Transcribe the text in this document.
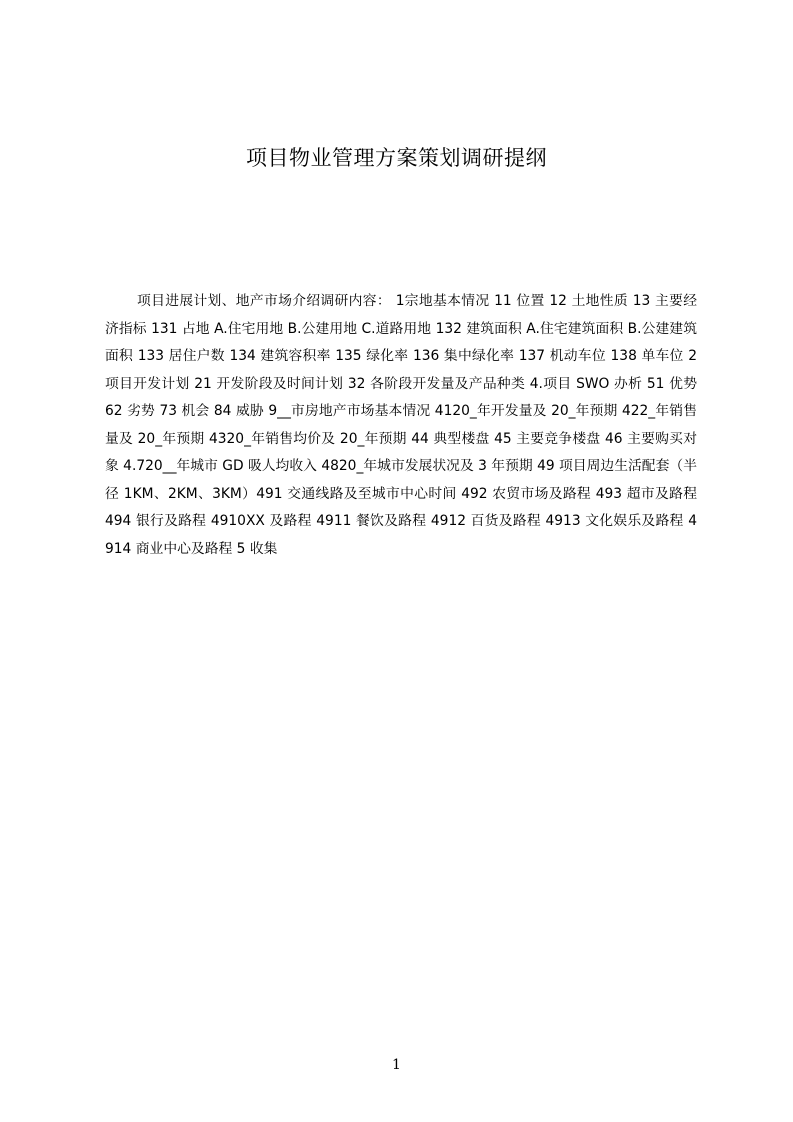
项目物业管理方案策划调研提纲

项目进展计划、地产市场介绍调研内容： 1宗地基本情况 11 位置 12 土地性质 13 主要经济指标 131 占地 A.住宅用地 B.公建用地 C.道路用地 132 建筑面积 A.住宅建筑面积 B.公建建筑面积 133 居住户数 134 建筑容积率 135 绿化率 136 集中绿化率 137 机动车位 138 单车位 2 项目开发计划 21 开发阶段及时间计划 32 各阶段开发量及产品种类 4.项目 SWO 办析 51 优势 62 劣势 73 机会 84 威胁 9__市房地产市场基本情况 4120_年开发量及 20_年预期 422_年销售量及 20_年预期 4320_年销售均价及 20_年预期 44 典型楼盘 45 主要竞争楼盘 46 主要购买对象 4.720__年城市 GD 吸人均收入 4820_年城市发展状况及 3 年预期 49 项目周边生活配套（半径 1KM、2KM、3KM）491 交通线路及至城市中心时间 492 农贸市场及路程 493 超市及路程 494 银行及路程 4910XX 及路程 4911 餐饮及路程 4912 百货及路程 4913 文化娱乐及路程 4914 商业中心及路程 5 收集

1
